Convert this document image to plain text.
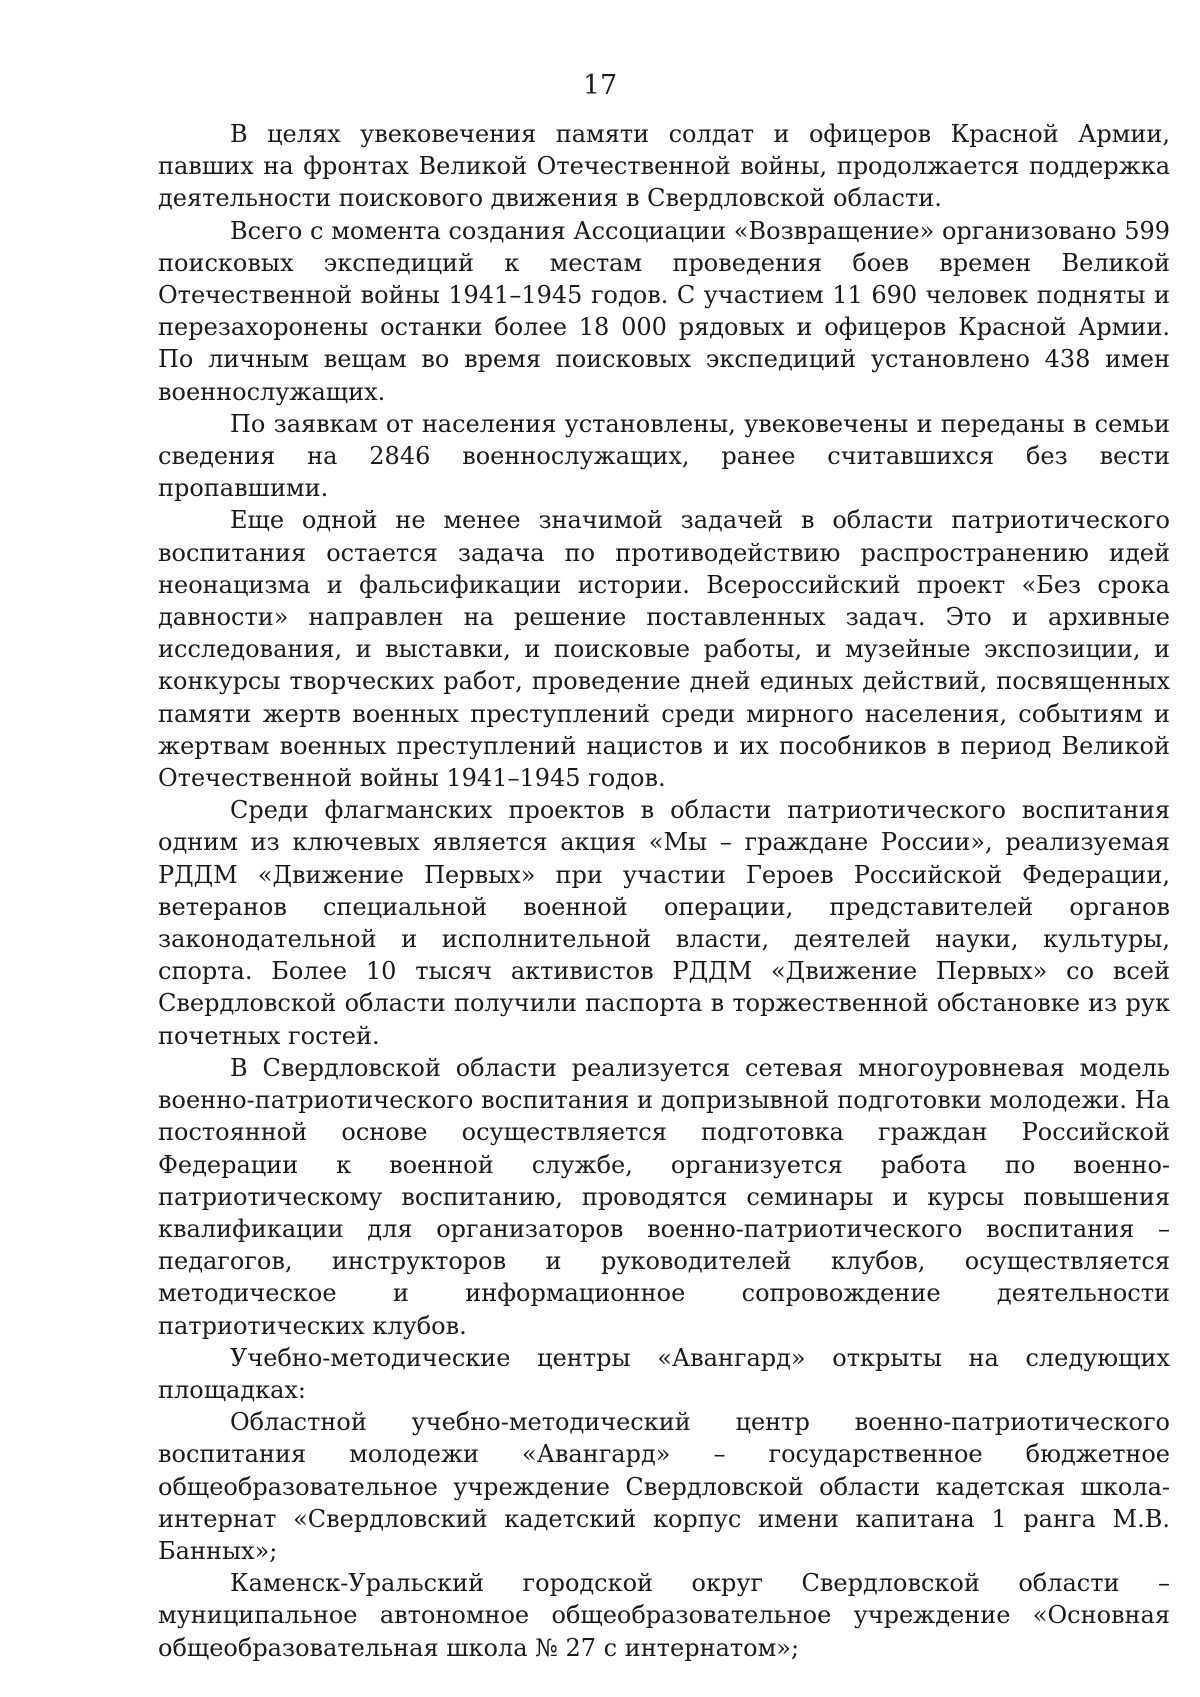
17

В целях увековечения памяти солдат и офицеров Красной Армии, павших на фронтах Великой Отечественной войны, продолжается поддержка деятельности поискового движения в Свердловской области.

Всего с момента создания Ассоциации «Возвращение» организовано 599 поисковых экспедиций к местам проведения боев времен Великой Отечественной войны 1941–1945 годов. С участием 11 690 человек подняты и перезахоронены останки более 18 000 рядовых и офицеров Красной Армии. По личным вещам во время поисковых экспедиций установлено 438 имен военнослужащих.

По заявкам от населения установлены, увековечены и переданы в семьи сведения на 2846 военнослужащих, ранее считавшихся без вести пропавшими.

Еще одной не менее значимой задачей в области патриотического воспитания остается задача по противодействию распространению идей неонацизма и фальсификации истории. Всероссийский проект «Без срока давности» направлен на решение поставленных задач. Это и архивные исследования, и выставки, и поисковые работы, и музейные экспозиции, и конкурсы творческих работ, проведение дней единых действий, посвященных памяти жертв военных преступлений среди мирного населения, событиям и жертвам военных преступлений нацистов и их пособников в период Великой Отечественной войны 1941–1945 годов.

Среди флагманских проектов в области патриотического воспитания одним из ключевых является акция «Мы – граждане России», реализуемая РДДМ «Движение Первых» при участии Героев Российской Федерации, ветеранов специальной военной операции, представителей органов законодательной и исполнительной власти, деятелей науки, культуры, спорта. Более 10 тысяч активистов РДДМ «Движение Первых» со всей Свердловской области получили паспорта в торжественной обстановке из рук почетных гостей.

В Свердловской области реализуется сетевая многоуровневая модель военно-патриотического воспитания и допризывной подготовки молодежи. На постоянной основе осуществляется подготовка граждан Российской Федерации к военной службе, организуется работа по военно-патриотическому воспитанию, проводятся семинары и курсы повышения квалификации для организаторов военно-патриотического воспитания – педагогов, инструкторов и руководителей клубов, осуществляется методическое и информационное сопровождение деятельности патриотических клубов.

Учебно-методические центры «Авангард» открыты на следующих площадках:

Областной учебно-методический центр военно-патриотического воспитания молодежи «Авангард» – государственное бюджетное общеобразовательное учреждение Свердловской области кадетская школа-интернат «Свердловский кадетский корпус имени капитана 1 ранга М.В. Банных»;

Каменск-Уральский городской округ Свердловской области – муниципальное автономное общеобразовательное учреждение «Основная общеобразовательная школа № 27 с интернатом»;
